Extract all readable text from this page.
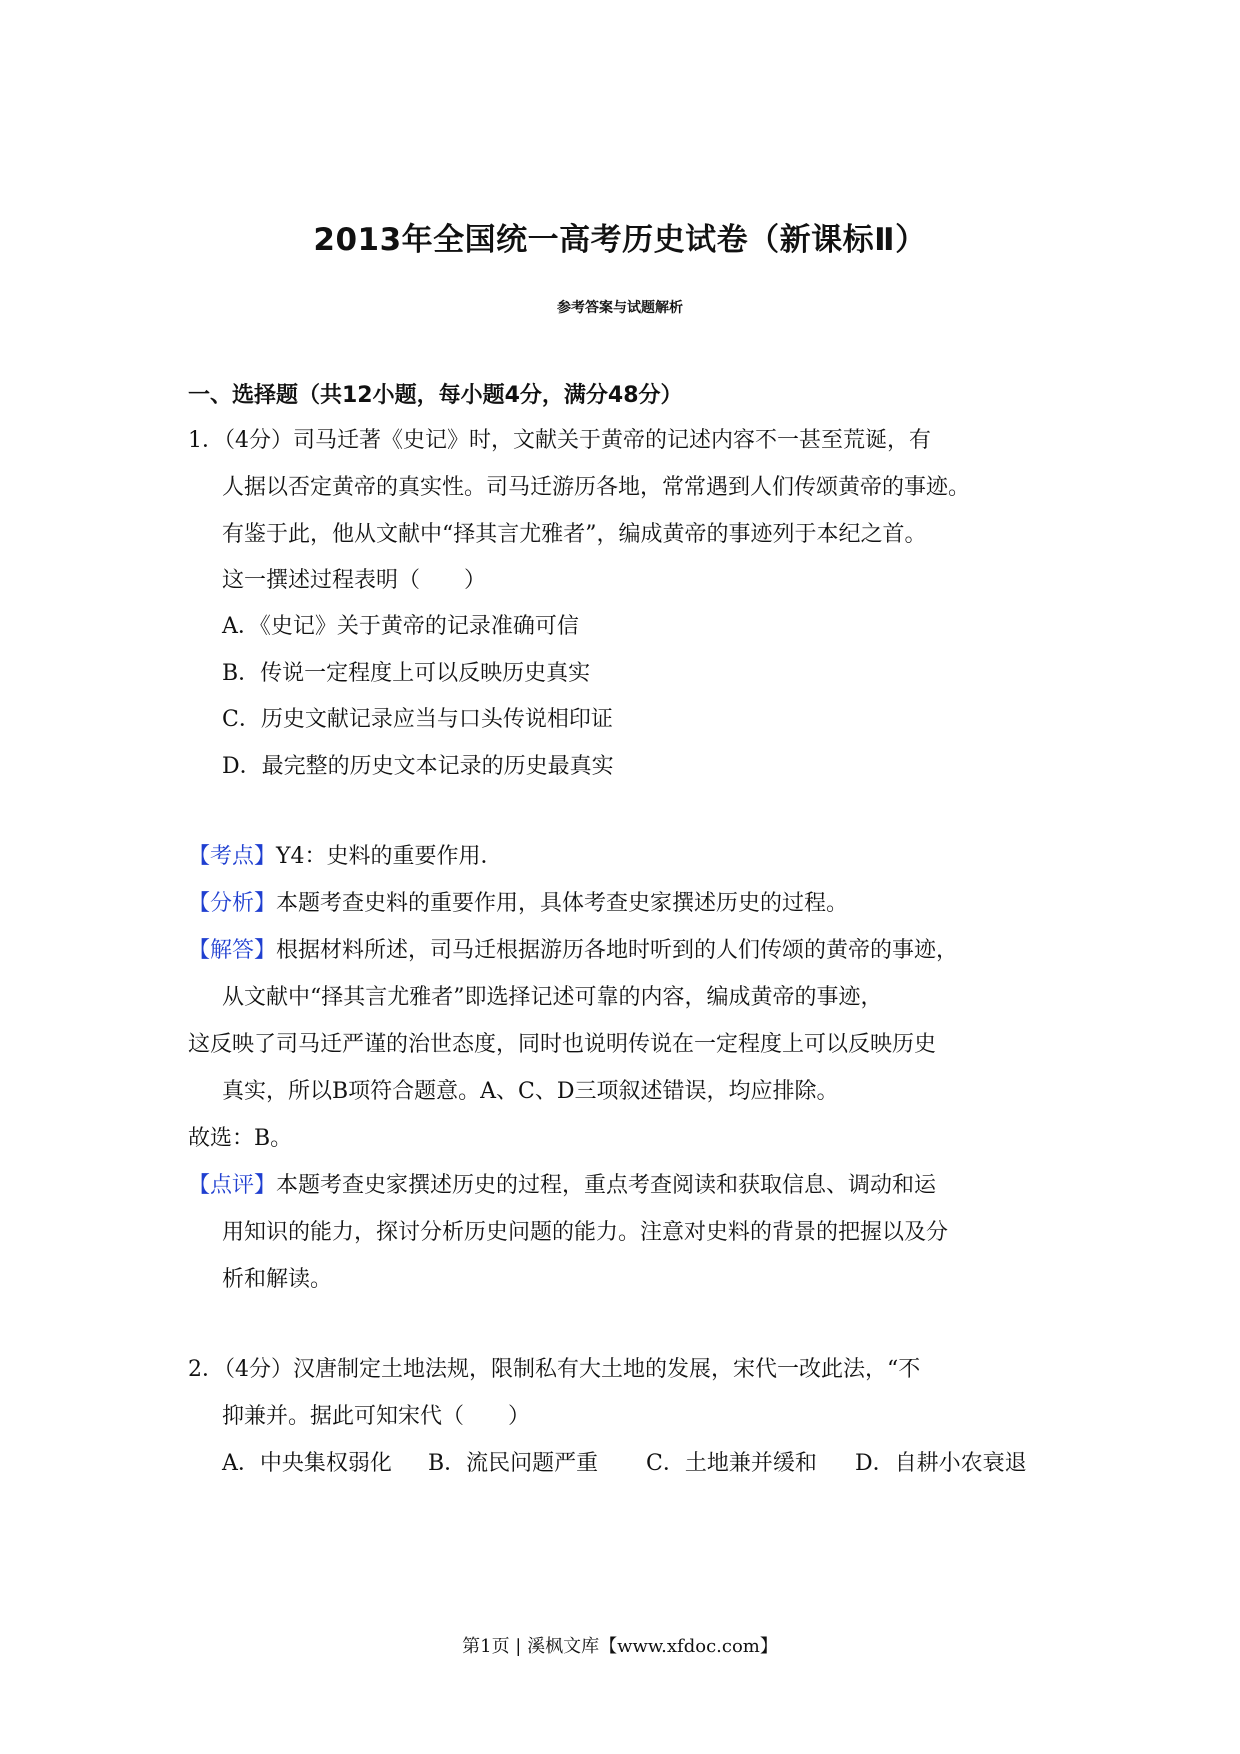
2013年全国统一高考历史试卷（新课标Ⅱ）
参考答案与试题解析
一、选择题（共12小题，每小题4分，满分48分）
1．（4分）司马迁著《史记》时，文献关于黄帝的记述内容不一甚至荒诞，有
人据以否定黄帝的真实性。司马迁游历各地，常常遇到人们传颂黄帝的事迹。
有鉴于此，他从文献中“择其言尤雅者”，编成黄帝的事迹列于本纪之首。
这一撰述过程表明（　　）
A．《史记》关于黄帝的记录准确可信
B．传说一定程度上可以反映历史真实
C．历史文献记录应当与口头传说相印证
D．最完整的历史文本记录的历史最真实
【考点】Y4：史料的重要作用．
【分析】本题考查史料的重要作用，具体考查史家撰述历史的过程。
【解答】根据材料所述，司马迁根据游历各地时听到的人们传颂的黄帝的事迹，
从文献中“择其言尤雅者”即选择记述可靠的内容，编成黄帝的事迹，
这反映了司马迁严谨的治世态度，同时也说明传说在一定程度上可以反映历史
真实，所以B项符合题意。A、C、D三项叙述错误，均应排除。
故选：B。
【点评】本题考查史家撰述历史的过程，重点考查阅读和获取信息、调动和运
用知识的能力，探讨分析历史问题的能力。注意对史料的背景的把握以及分
析和解读。
2．（4分）汉唐制定土地法规，限制私有大土地的发展，宋代一改此法，“不
抑兼并。据此可知宋代（　　）
A．中央集权弱化 B．流民问题严重 C．土地兼并缓和 D．自耕小农衰退
第1页 | 溪枫文库【www.xfdoc.com】
